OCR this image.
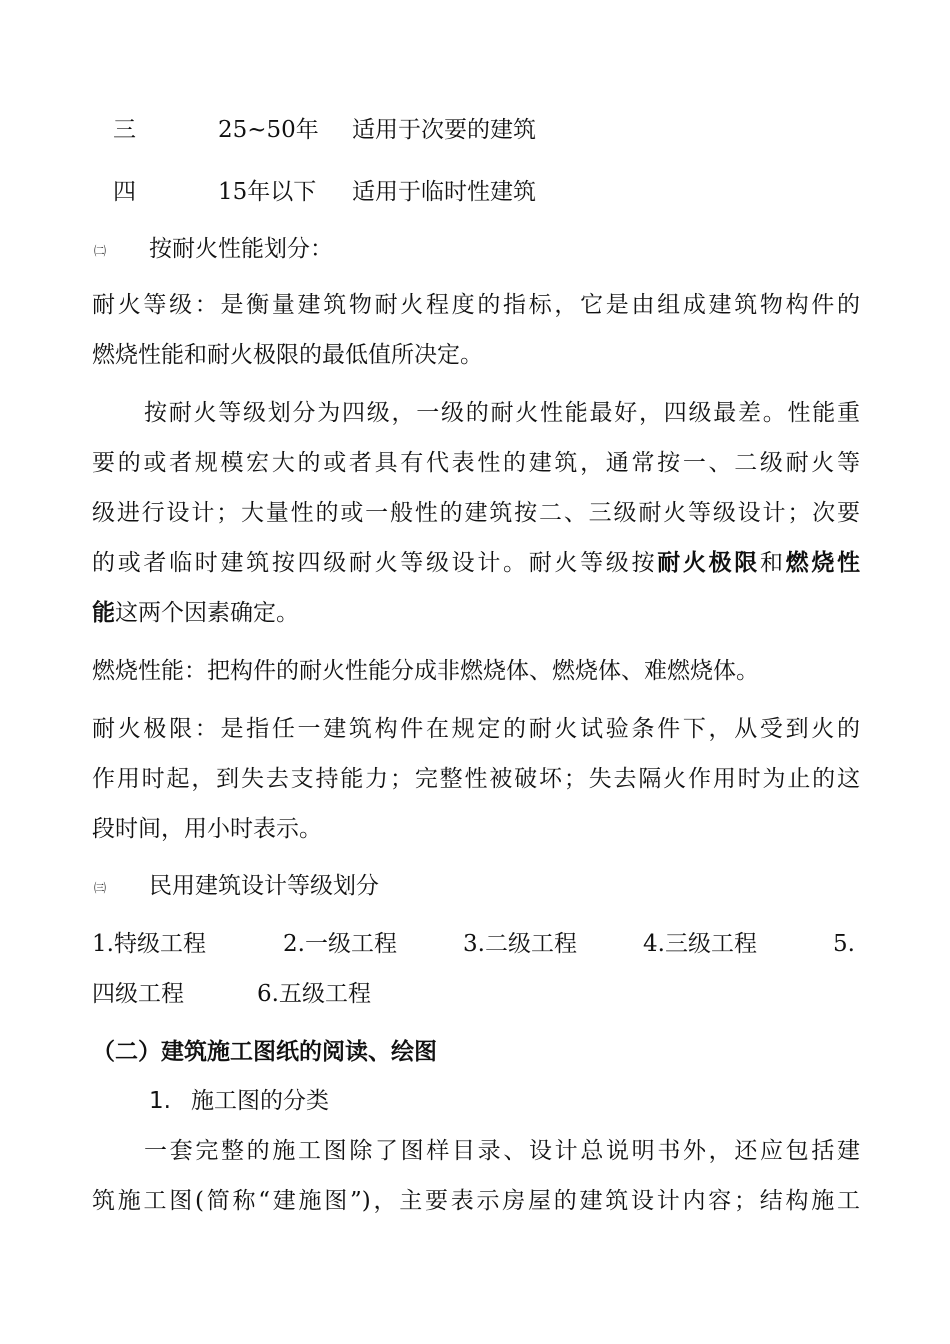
三	25~50年 适用于次要的建筑
四	15年以下 适用于临时性建筑
㈡ 按耐火性能划分：
耐火等级：是衡量建筑物耐火程度的指标，它是由组成建筑物构件的
燃烧性能和耐火极限的最低值所决定。
按耐火等级划分为四级，一级的耐火性能最好，四级最差。性能重
要的或者规模宏大的或者具有代表性的建筑，通常按一、二级耐火等
级进行设计；大量性的或一般性的建筑按二、三级耐火等级设计；次要
的或者临时建筑按四级耐火等级设计。耐火等级按耐火极限和燃烧性
能这两个因素确定。
燃烧性能：把构件的耐火性能分成非燃烧体、燃烧体、难燃烧体。
耐火极限：是指任一建筑构件在规定的耐火试验条件下，从受到火的
作用时起，到失去支持能力；完整性被破坏；失去隔火作用时为止的这
段时间，用小时表示。
㈢ 民用建筑设计等级划分
1.特级工程	2.一级工程	3.二级工程	4.三级工程	5.
四级工程	6.五级工程
（二）建筑施工图纸的阅读、绘图
1. 施工图的分类
一套完整的施工图除了图样目录、设计总说明书外，还应包括建
筑施工图(简称“建施图”)，主要表示房屋的建筑设计内容；结构施工
